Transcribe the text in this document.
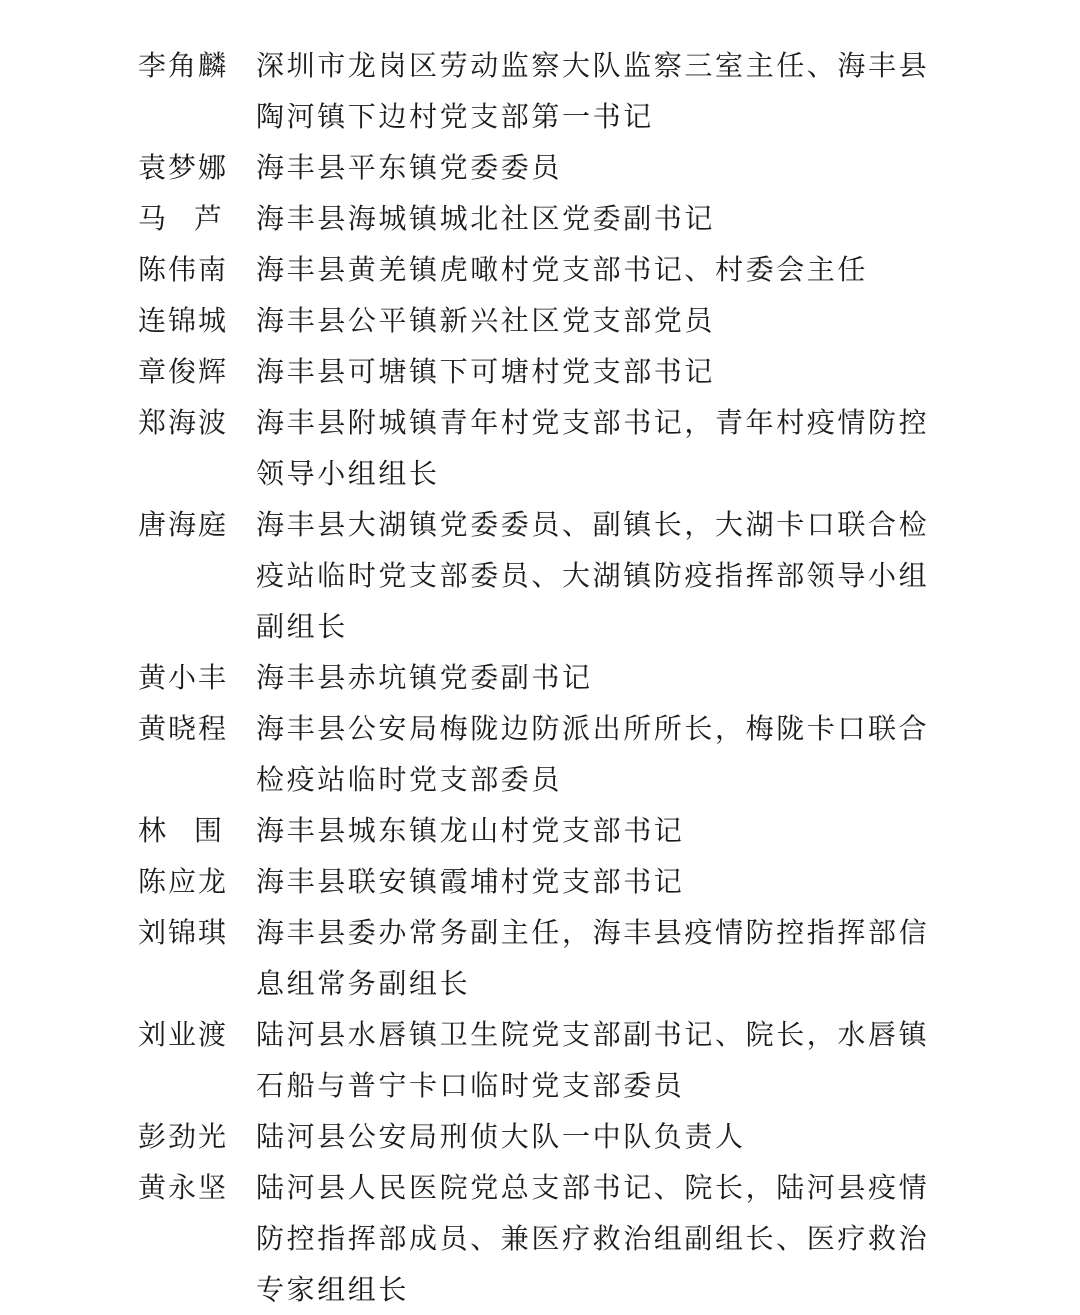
李角麟 深圳市龙岗区劳动监察大队监察三室主任、海丰县陶河镇下边村党支部第一书记
袁梦娜 海丰县平东镇党委委员
马　芦	海丰县海城镇城北社区党委副书记
陈伟南 海丰县黄羌镇虎噉村党支部书记、村委会主任
连锦城 海丰县公平镇新兴社区党支部党员
章俊辉 海丰县可塘镇下可塘村党支部书记
郑海波 海丰县附城镇青年村党支部书记，青年村疫情防控领导小组组长
唐海庭 海丰县大湖镇党委委员、副镇长，大湖卡口联合检疫站临时党支部委员、大湖镇防疫指挥部领导小组副组长
黄小丰 海丰县赤坑镇党委副书记
黄晓程 海丰县公安局梅陇边防派出所所长，梅陇卡口联合检疫站临时党支部委员
林　围	海丰县城东镇龙山村党支部书记
陈应龙 海丰县联安镇霞埔村党支部书记
刘锦琪 海丰县委办常务副主任，海丰县疫情防控指挥部信息组常务副组长
刘业渡 陆河县水唇镇卫生院党支部副书记、院长，水唇镇石船与普宁卡口临时党支部委员
彭劲光 陆河县公安局刑侦大队一中队负责人
黄永坚 陆河县人民医院党总支部书记、院长，陆河县疫情防控指挥部成员、兼医疗救治组副组长、医疗救治专家组组长
